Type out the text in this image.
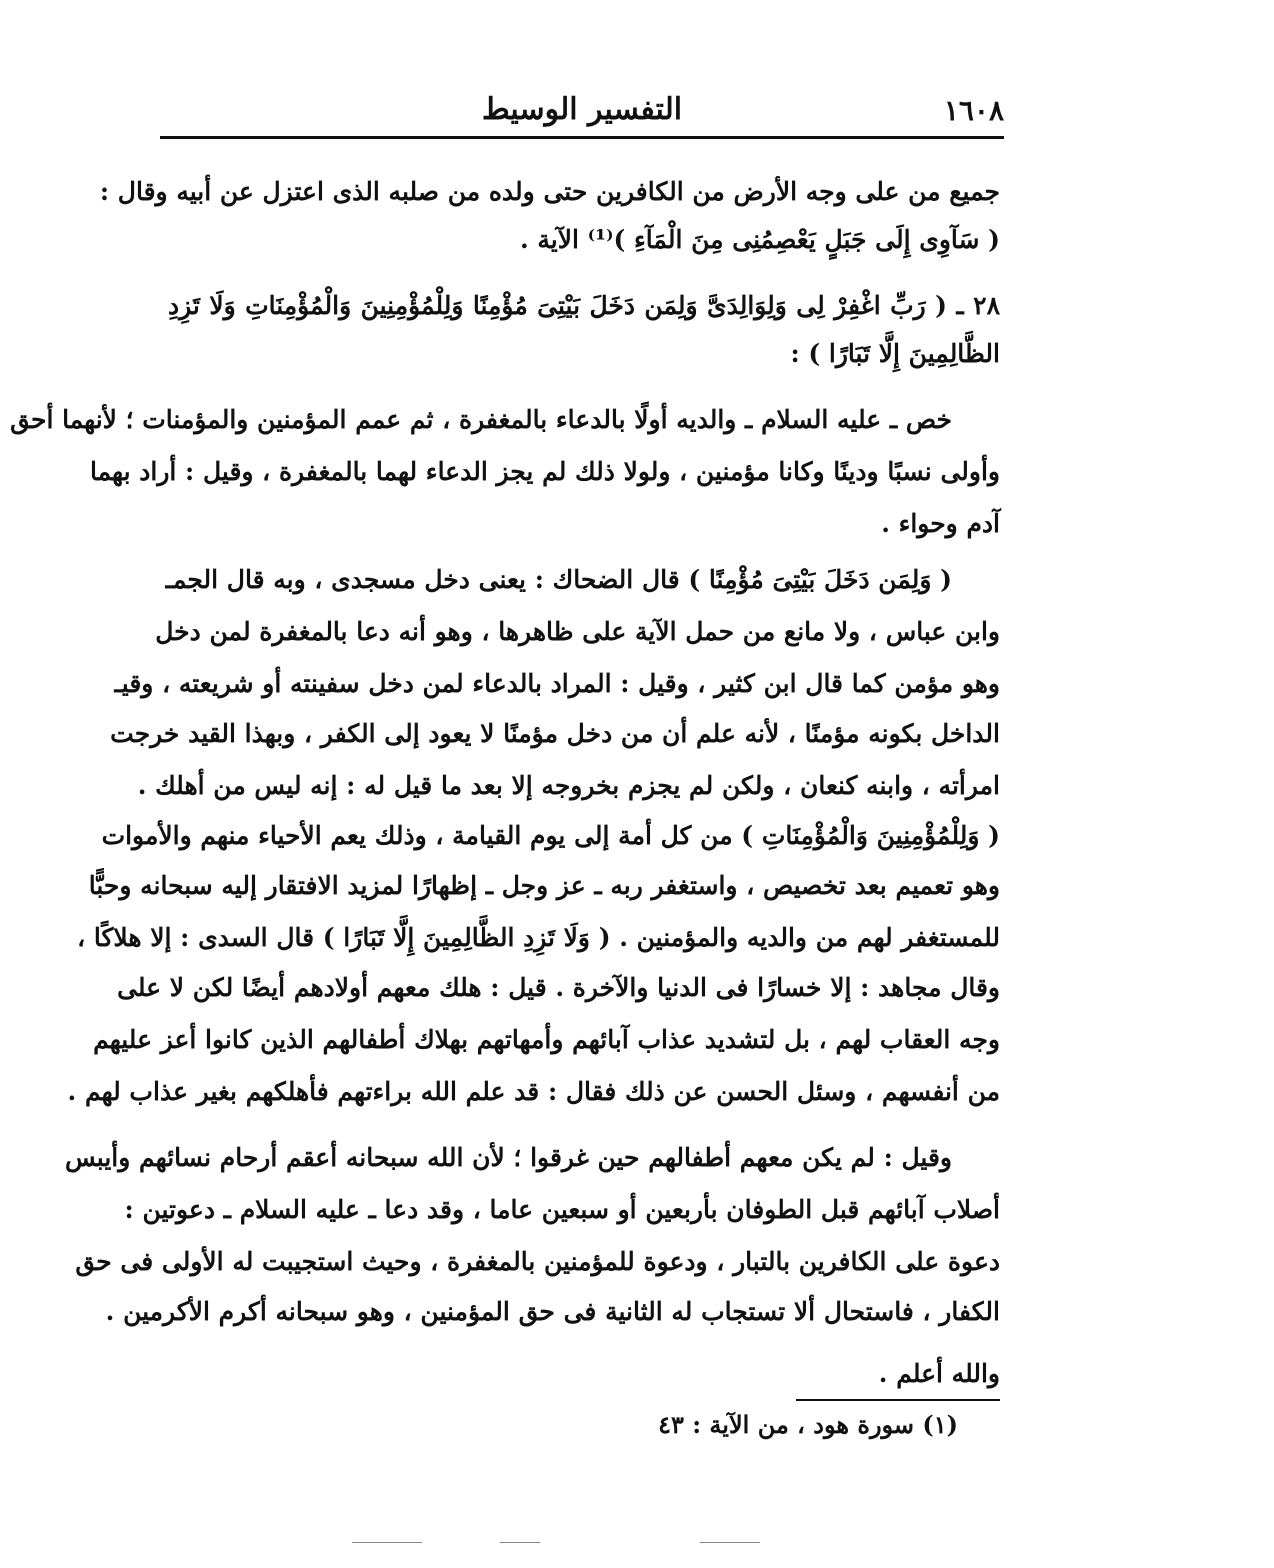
١٦٠٨
التفسير الوسيط
جميع من على وجه الأرض من الكافرين حتى ولده من صلبه الذى اعتزل عن أبيه وقال :
( سَآوِى إِلَى جَبَلٍ يَعْصِمُنِى مِنَ الْمَآءِ )⁽¹⁾ الآية .
٢٨ ـ ( رَبِّ اغْفِرْ لِى وَلِوَالِدَىَّ وَلِمَن دَخَلَ بَيْتِىَ مُؤْمِنًا وَلِلْمُؤْمِنِينَ وَالْمُؤْمِنَاتِ وَلَا تَزِدِ
الظَّالِمِينَ إِلَّا تَبَارًا ) :
خص ـ عليه السلام ـ والديه أولًا بالدعاء بالمغفرة ، ثم عمم المؤمنين والمؤمنات ؛ لأنهما أحق
وأولى نسبًا ودينًا وكانا مؤمنين ، ولولا ذلك لم يجز الدعاء لهما بالمغفرة ، وقيل : أراد بهما
آدم وحواء .
( وَلِمَن دَخَلَ بَيْتِىَ مُؤْمِنًا ) قال الضحاك : يعنى دخل مسجدى ، وبه قال الجمـ
وابن عباس ، ولا مانع من حمل الآية على ظاهرها ، وهو أنه دعا بالمغفرة لمن دخل
وهو مؤمن كما قال ابن كثير ، وقيل : المراد بالدعاء لمن دخل سفينته أو شريعته ، وقيـ
الداخل بكونه مؤمنًا ، لأنه علم أن من دخل مؤمنًا لا يعود إلى الكفر ، وبهذا القيد خرجت
امرأته ، وابنه كنعان ، ولكن لم يجزم بخروجه إلا بعد ما قيل له : إنه ليس من أهلك .
( وَلِلْمُؤْمِنِينَ وَالْمُؤْمِنَاتِ ) من كل أمة إلى يوم القيامة ، وذلك يعم الأحياء منهم والأموات
وهو تعميم بعد تخصيص ، واستغفر ربه ـ عز وجل ـ إظهارًا لمزيد الافتقار إليه سبحانه وحبًّا
للمستغفر لهم من والديه والمؤمنين . ( وَلَا تَزِدِ الظَّالِمِينَ إِلَّا تَبَارًا ) قال السدى : إلا هلاكًا ،
وقال مجاهد : إلا خسارًا فى الدنيا والآخرة . قيل : هلك معهم أولادهم أيضًا لكن لا على
وجه العقاب لهم ، بل لتشديد عذاب آبائهم وأمهاتهم بهلاك أطفالهم الذين كانوا أعز عليهم
من أنفسهم ، وسئل الحسن عن ذلك فقال : قد علم الله براءتهم فأهلكهم بغير عذاب لهم .
وقيل : لم يكن معهم أطفالهم حين غرقوا ؛ لأن الله سبحانه أعقم أرحام نسائهم وأيبس
أصلاب آبائهم قبل الطوفان بأربعين أو سبعين عاما ، وقد دعا ـ عليه السلام ـ دعوتين :
دعوة على الكافرين بالتبار ، ودعوة للمؤمنين بالمغفرة ، وحيث استجيبت له الأولى فى حق
الكفار ، فاستحال ألا تستجاب له الثانية فى حق المؤمنين ، وهو سبحانه أكرم الأكرمين .
والله أعلم .
(١) سورة هود ، من الآية : ٤٣
